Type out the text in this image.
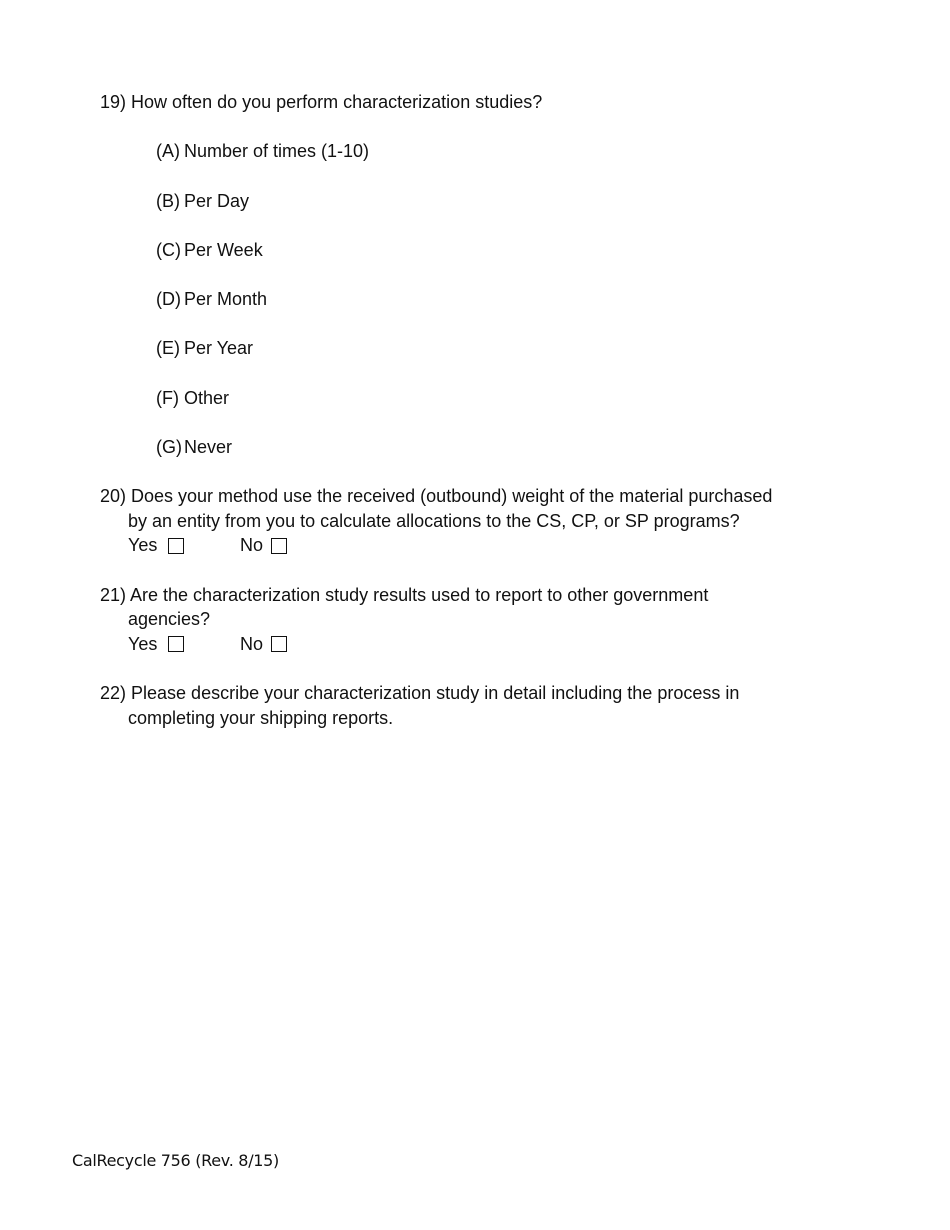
19) How often do you perform characterization studies?
(A) Number of times (1-10)
(B) Per Day
(C) Per Week
(D) Per Month
(E) Per Year
(F) Other
(G) Never
20) Does your method use the received (outbound) weight of the material purchased
by an entity from you to calculate allocations to the CS, CP, or SP programs?
Yes	No
21) Are the characterization study results used to report to other government
agencies?
Yes	No
22) Please describe your characterization study in detail including the process in
completing your shipping reports.
CalRecycle 756 (Rev. 8/15)
